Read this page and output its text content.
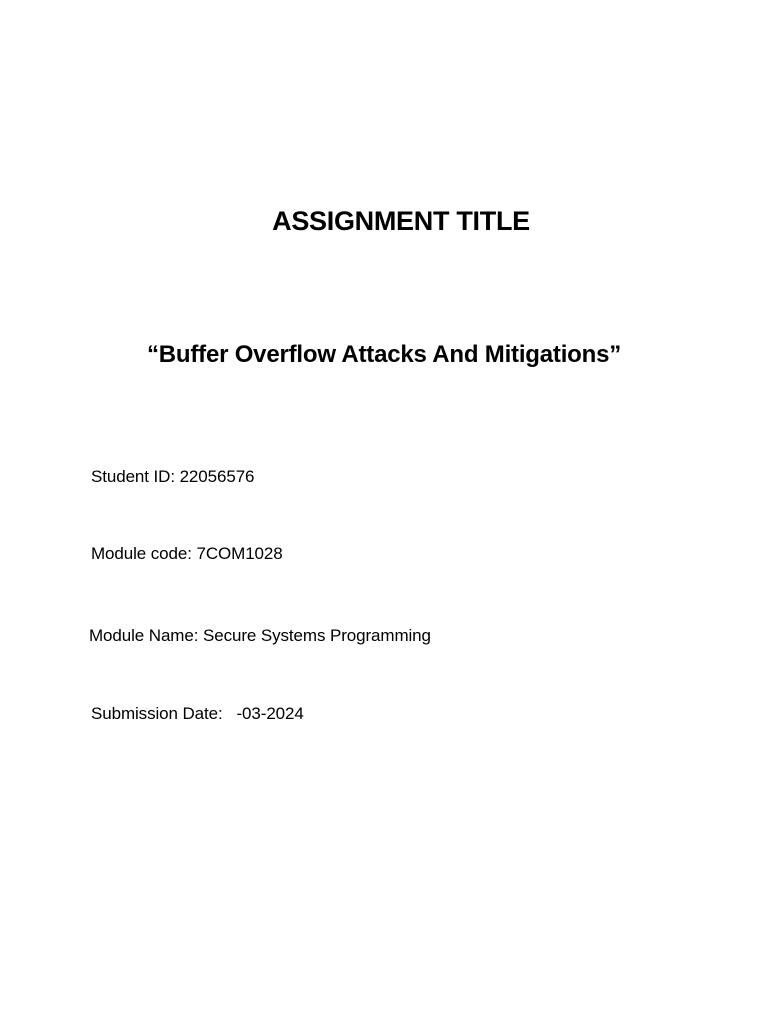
ASSIGNMENT TITLE
“Buffer Overflow Attacks And Mitigations”
Student ID: 22056576
Module code: 7COM1028
Module Name: Secure Systems Programming
Submission Date:   -03-2024
